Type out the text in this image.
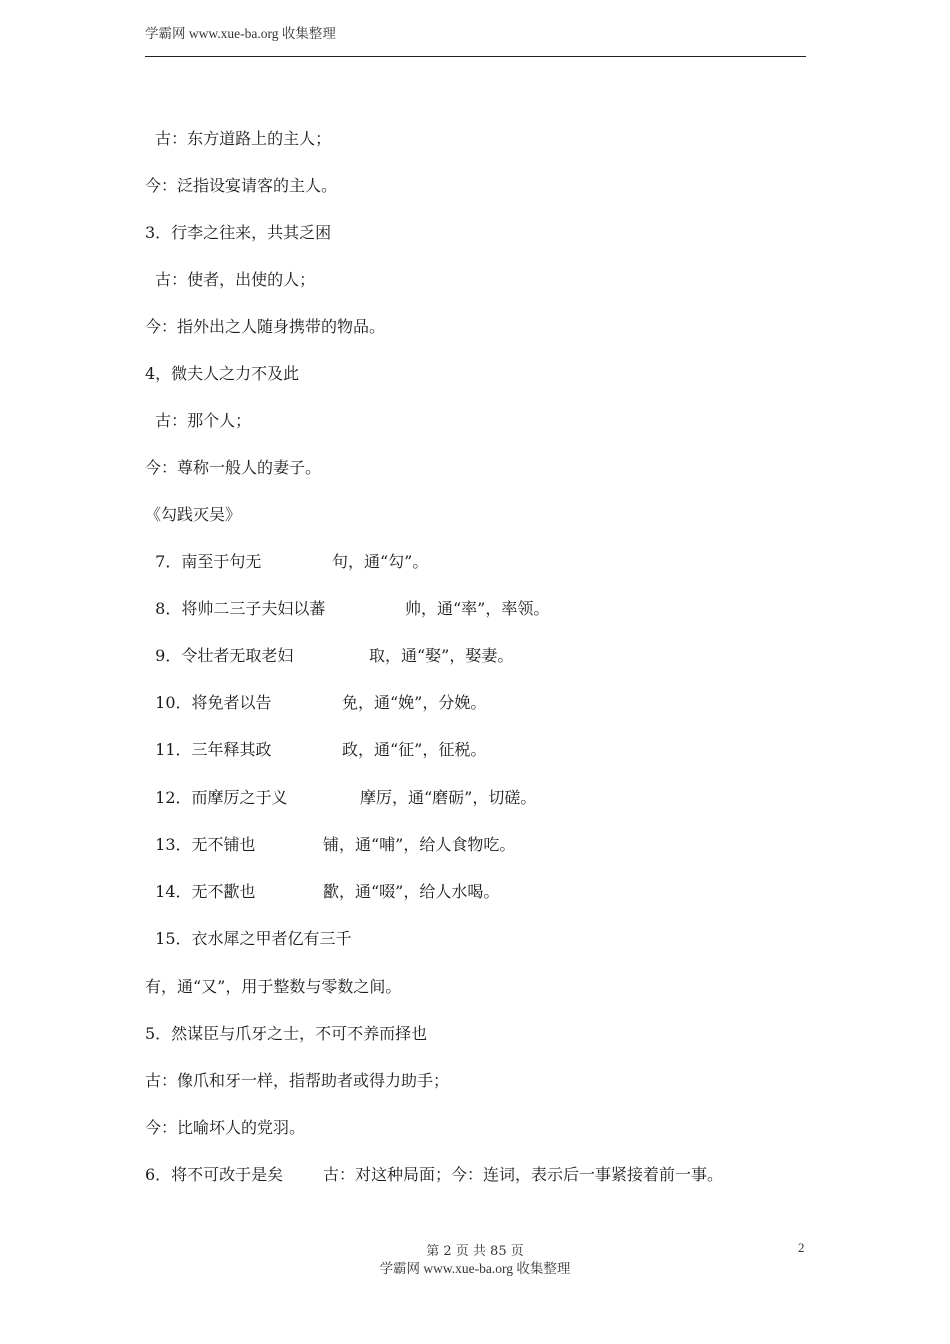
学霸网 www.xue-ba.org 收集整理
古：东方道路上的主人；
今：泛指设宴请客的主人。
3．行李之往来，共其乏困
古：使者，出使的人；
今：指外出之人随身携带的物品。
4，微夫人之力不及此
古：那个人；
今：尊称一般人的妻子。
《勾践灭吴》
7．南至于句无	句，通“勾”。
8．将帅二三子夫妇以蕃	帅，通“率”，率领。
9．令壮者无取老妇	取，通“娶”，娶妻。
10．将免者以告	免，通“娩”，分娩。
11．三年释其政	政，通“征”，征税。
12．而摩厉之于义	摩厉，通“磨砺”，切磋。
13．无不铺也	铺，通“哺”，给人食物吃。
14．无不歠也	歠，通“啜”，给人水喝。
15．衣水犀之甲者亿有三千
有，通“又”，用于整数与零数之间。
5．然谋臣与爪牙之士，不可不养而择也
古：像爪和牙一样，指帮助者或得力助手；
今：比喻坏人的党羽。
6．将不可改于是矣 古：对这种局面；今：连词，表示后一事紧接着前一事。
第 2 页 共 85 页
学霸网 www.xue-ba.org 收集整理
2
